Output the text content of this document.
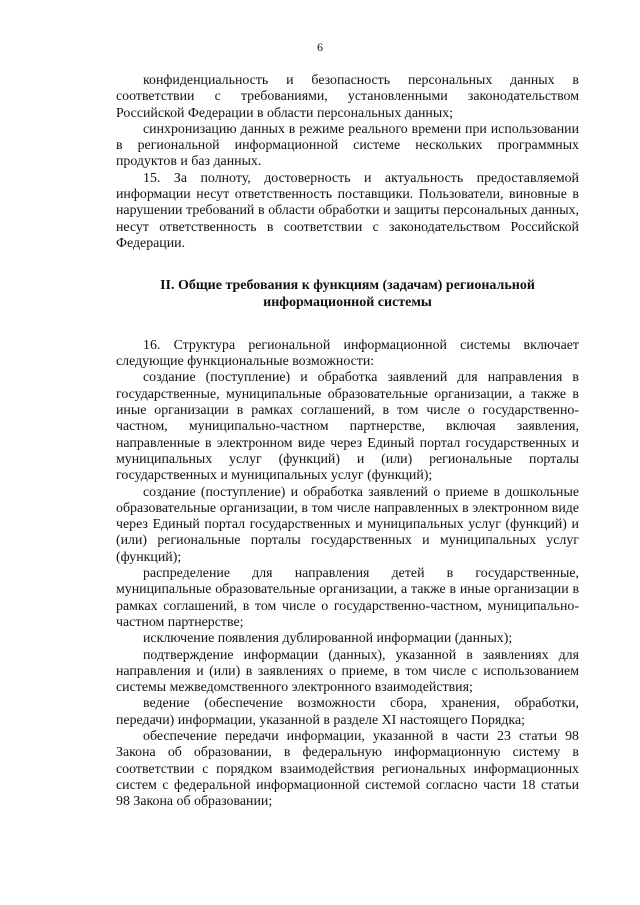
6

конфиденциальность и безопасность персональных данных в соответствии с требованиями, установленными законодательством Российской Федерации в области персональных данных;

синхронизацию данных в режиме реального времени при использовании в региональной информационной системе нескольких программных продуктов и баз данных.

15. За полноту, достоверность и актуальность предоставляемой информации несут ответственность поставщики. Пользователи, виновные в нарушении требований в области обработки и защиты персональных данных, несут ответственность в соответствии с законодательством Российской Федерации.

II. Общие требования к функциям (задачам) региональной
информационной системы

16. Структура региональной информационной системы включает следующие функциональные возможности:

создание (поступление) и обработка заявлений для направления в государственные, муниципальные образовательные организации, а также в иные организации в рамках соглашений, в том числе о государственно-частном, муниципально-частном партнерстве, включая заявления, направленные в электронном виде через Единый портал государственных и муниципальных услуг (функций) и (или) региональные порталы государственных и муниципальных услуг (функций);

создание (поступление) и обработка заявлений о приеме в дошкольные образовательные организации, в том числе направленных в электронном виде через Единый портал государственных и муниципальных услуг (функций) и (или) региональные порталы государственных и муниципальных услуг (функций);

распределение для направления детей в государственные, муниципальные образовательные организации, а также в иные организации в рамках соглашений, в том числе о государственно-частном, муниципально-частном партнерстве;

исключение появления дублированной информации (данных);

подтверждение информации (данных), указанной в заявлениях для направления и (или) в заявлениях о приеме, в том числе с использованием системы межведомственного электронного взаимодействия;

ведение (обеспечение возможности сбора, хранения, обработки, передачи) информации, указанной в разделе XI настоящего Порядка;

обеспечение передачи информации, указанной в части 23 статьи 98 Закона об образовании, в федеральную информационную систему в соответствии с порядком взаимодействия региональных информационных систем с федеральной информационной системой согласно части 18 статьи 98 Закона об образовании;
